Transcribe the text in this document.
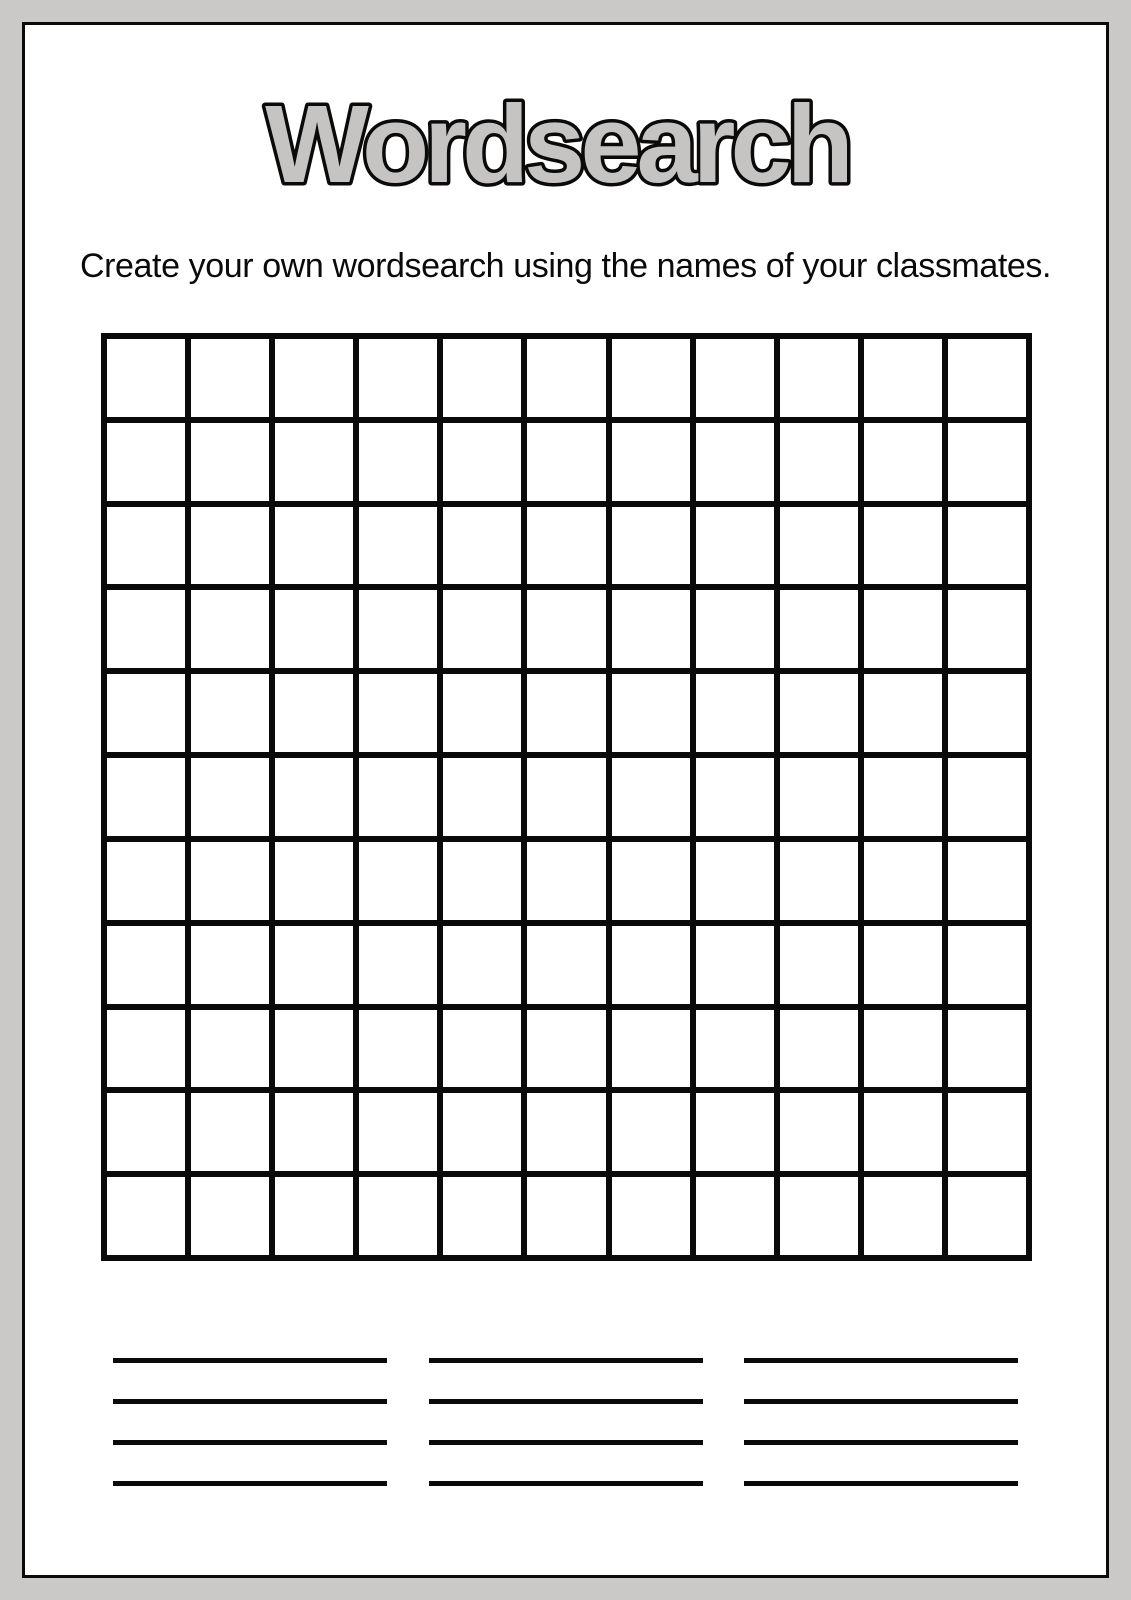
Wordsearch
Create your own wordsearch using the names of your classmates.
